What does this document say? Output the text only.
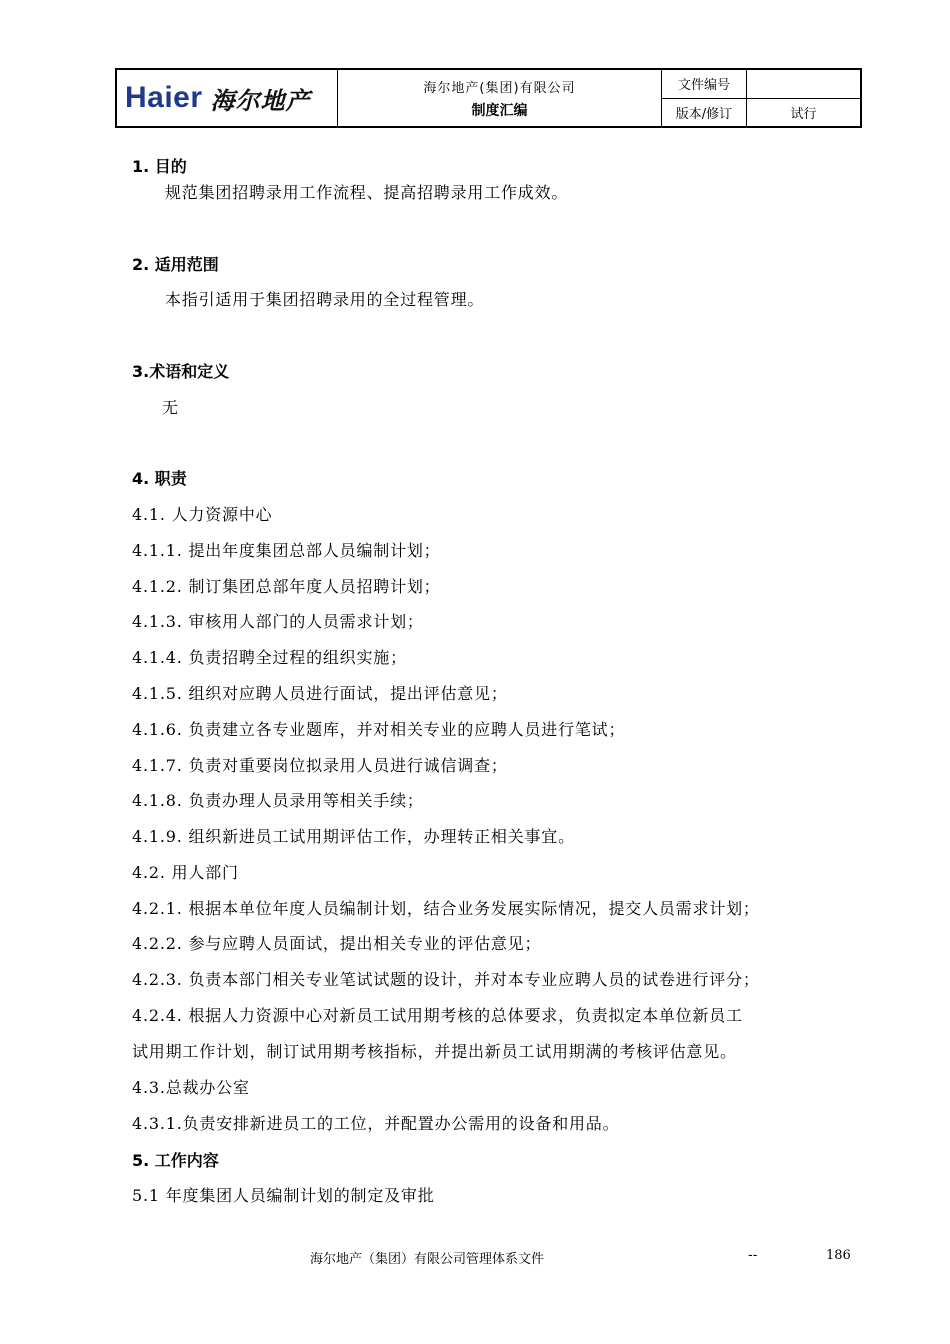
Haier 海尔地产	海尔地产(集团)有限公司
制度汇编
文件编号
版本/修订	试行
1. 目的
规范集团招聘录用工作流程、提高招聘录用工作成效。
2. 适用范围
本指引适用于集团招聘录用的全过程管理。
3.术语和定义
无
4. 职责
4.1. 人力资源中心
4.1.1. 提出年度集团总部人员编制计划；
4.1.2. 制订集团总部年度人员招聘计划；
4.1.3. 审核用人部门的人员需求计划；
4.1.4. 负责招聘全过程的组织实施；
4.1.5. 组织对应聘人员进行面试，提出评估意见；
4.1.6. 负责建立各专业题库，并对相关专业的应聘人员进行笔试；
4.1.7. 负责对重要岗位拟录用人员进行诚信调查；
4.1.8. 负责办理人员录用等相关手续；
4.1.9. 组织新进员工试用期评估工作，办理转正相关事宜。
4.2. 用人部门
4.2.1. 根据本单位年度人员编制计划，结合业务发展实际情况，提交人员需求计划；
4.2.2. 参与应聘人员面试，提出相关专业的评估意见；
4.2.3. 负责本部门相关专业笔试试题的设计，并对本专业应聘人员的试卷进行评分；
4.2.4. 根据人力资源中心对新员工试用期考核的总体要求，负责拟定本单位新员工
试用期工作计划，制订试用期考核指标，并提出新员工试用期满的考核评估意见。
4.3.总裁办公室
4.3.1.负责安排新进员工的工位，并配置办公需用的设备和用品。
5. 工作内容
5.1 年度集团人员编制计划的制定及审批
海尔地产（集团）有限公司管理体系文件	--	186
